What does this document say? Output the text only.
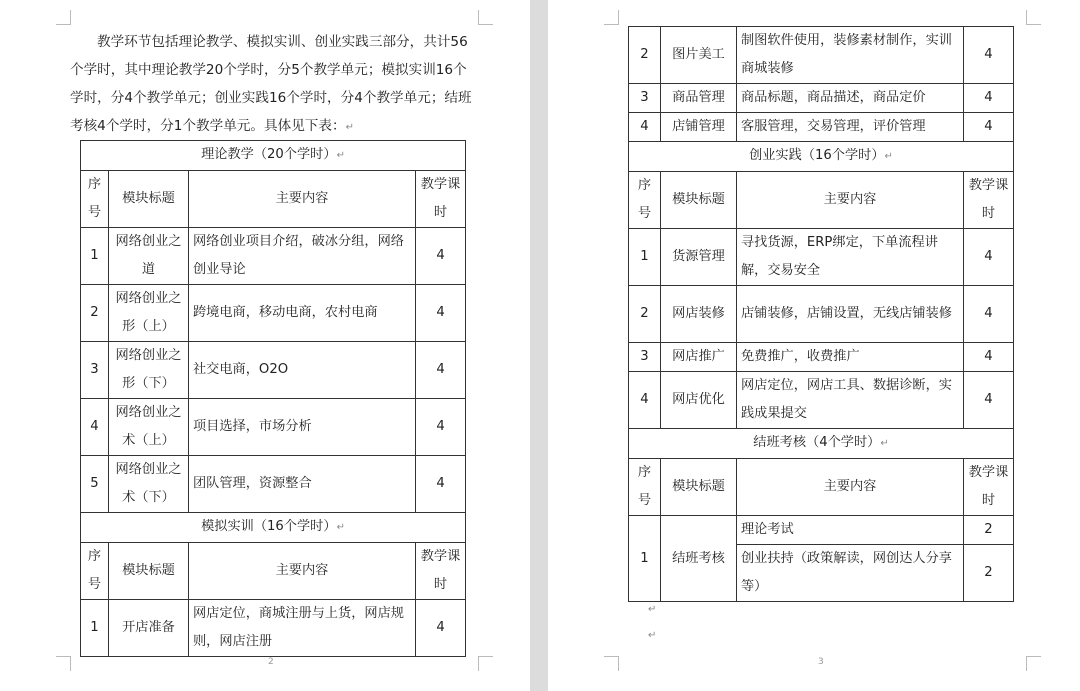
教学环节包括理论教学、模拟实训、创业实践三部分，共计56个学时，其中理论教学20个学时，分5个教学单元；模拟实训16个学时，分4个教学单元；创业实践16个学时，分4个教学单元；结班考核4个学时，分1个教学单元。具体见下表：↵

理论教学（20个学时）↵			
序号	模块标题	主要内容	教学课时
1	网络创业之道	网络创业项目介绍，破冰分组，网络创业导论	4
2	网络创业之形（上）	跨境电商，移动电商，农村电商	4
3	网络创业之形（下）	社交电商，O2O	4
4	网络创业之术（上）	项目选择，市场分析	4
5	网络创业之术（下）	团队管理，资源整合	4
模拟实训（16个学时）↵			
序号	模块标题	主要内容	教学课时
1	开店准备	网店定位，商城注册与上货，网店规则，网店注册	4
2
2	图片美工	制图软件使用，装修素材制作，实训商城装修	4
3	商品管理	商品标题，商品描述，商品定价	4
4	店铺管理	客服管理，交易管理，评价管理	4
创业实践（16个学时）↵			
序号	模块标题	主要内容	教学课时
1	货源管理	寻找货源，ERP绑定，下单流程讲解，交易安全	4
2	网店装修	店铺装修，店铺设置，无线店铺装修	4
3	网店推广	免费推广，收费推广	4
4	网店优化	网店定位，网店工具、数据诊断，实践成果提交	4
结班考核（4个学时）↵			
序号	模块标题	主要内容	教学课时
1	结班考核	理论考试	2
		创业扶持（政策解读，网创达人分享等）	2
↵
↵
3
